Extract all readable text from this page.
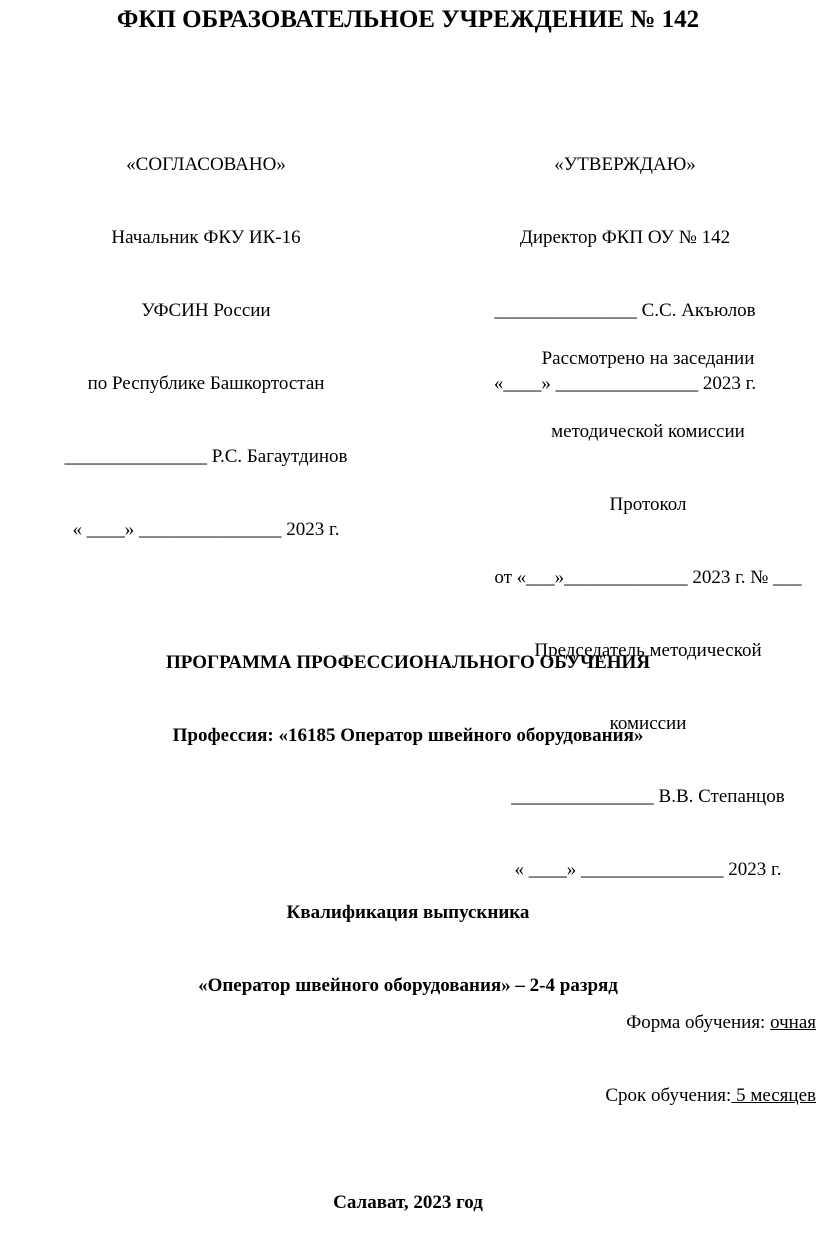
ФКП ОБРАЗОВАТЕЛЬНОЕ УЧРЕЖДЕНИЕ № 142

«СОГЛАСОВАНО»

Начальник ФКУ ИК-16

УФСИН России

по Республике Башкортостан

_______________ Р.С. Багаутдинов

« ____» _______________ 2023 г.

«УТВЕРЖДАЮ»

Директор ФКП ОУ № 142

_______________ С.С. Акъюлов

«____» _______________ 2023 г.

Рассмотрено на заседании

методической комиссии

Протокол

от «___»_____________ 2023 г. № ___

Председатель методической

комиссии

_______________ В.В. Степанцов

« ____» _______________ 2023 г.

ПРОГРАММА ПРОФЕССИОНАЛЬНОГО ОБУЧЕНИЯ

Профессия: «16185 Оператор швейного оборудования»

Квалификация выпускника

«Оператор швейного оборудования» – 2-4 разряд

Форма обучения: очная

Срок обучения: 5 месяцев

Салават, 2023 год
